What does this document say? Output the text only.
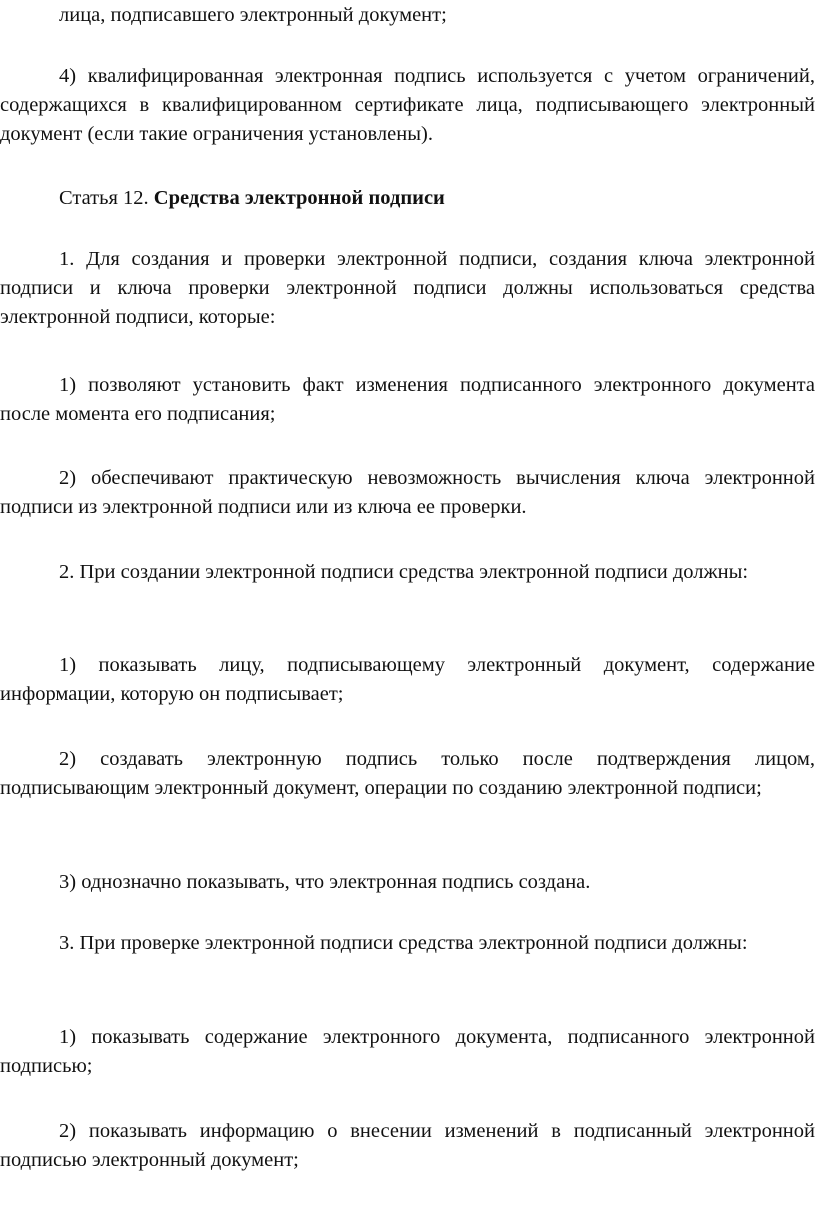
лица, подписавшего электронный документ;

4) квалифицированная электронная подпись используется с учетом ограничений, содержащихся в квалифицированном сертификате лица, подписывающего электронный документ (если такие ограничения установлены).

Статья 12. Средства электронной подписи

1. Для создания и проверки электронной подписи, создания ключа электронной подписи и ключа проверки электронной подписи должны использоваться средства электронной подписи, которые:

1) позволяют установить факт изменения подписанного электронного документа после момента его подписания;

2) обеспечивают практическую невозможность вычисления ключа электронной подписи из электронной подписи или из ключа ее проверки.

2. При создании электронной подписи средства электронной подписи должны:

1) показывать лицу, подписывающему электронный документ, содержание информации, которую он подписывает;

2) создавать электронную подпись только после подтверждения лицом, подписывающим электронный документ, операции по созданию электронной подписи;

3) однозначно показывать, что электронная подпись создана.

3. При проверке электронной подписи средства электронной подписи должны:

1) показывать содержание электронного документа, подписанного электронной подписью;

2) показывать информацию о внесении изменений в подписанный электронной подписью электронный документ;
